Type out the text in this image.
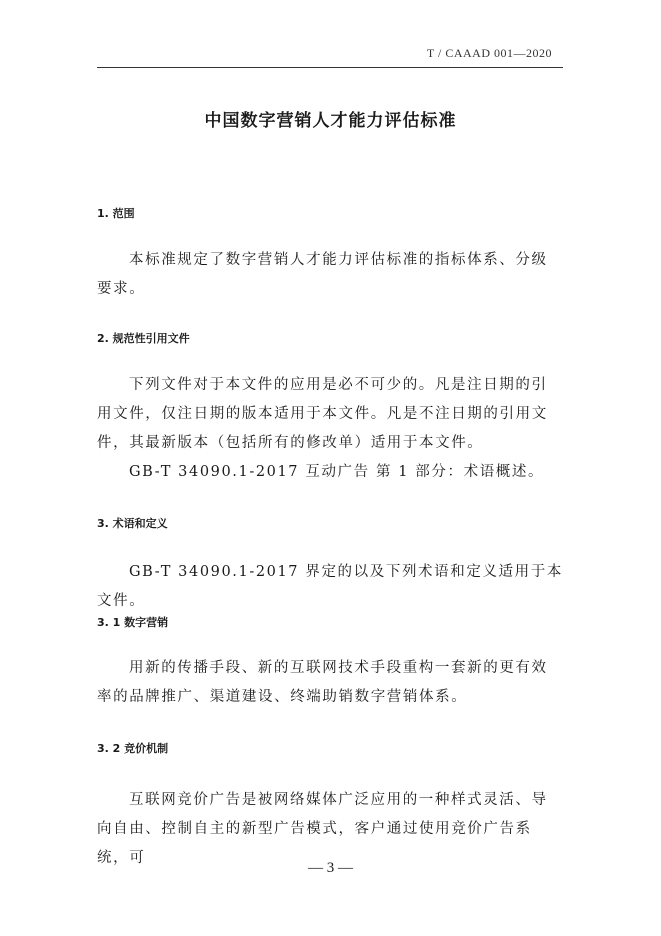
T / CAAAD 001—2020
中国数字营销人才能力评估标准
1. 范围

本标准规定了数字营销人才能力评估标准的指标体系、分级要求。

2. 规范性引用文件

下列文件对于本文件的应用是必不可少的。凡是注日期的引用文件，仅注日期的版本适用于本文件。凡是不注日期的引用文件，其最新版本（包括所有的修改单）适用于本文件。

GB-T 34090.1-2017 互动广告 第 1 部分：术语概述。

3. 术语和定义

GB-T 34090.1-2017 界定的以及下列术语和定义适用于本文件。

3. 1 数字营销

用新的传播手段、新的互联网技术手段重构一套新的更有效率的品牌推广、渠道建设、终端助销数字营销体系。

3. 2 竞价机制

互联网竞价广告是被网络媒体广泛应用的一种样式灵活、导向自由、控制自主的新型广告模式，客户通过使用竞价广告系统，可

— 3 —
